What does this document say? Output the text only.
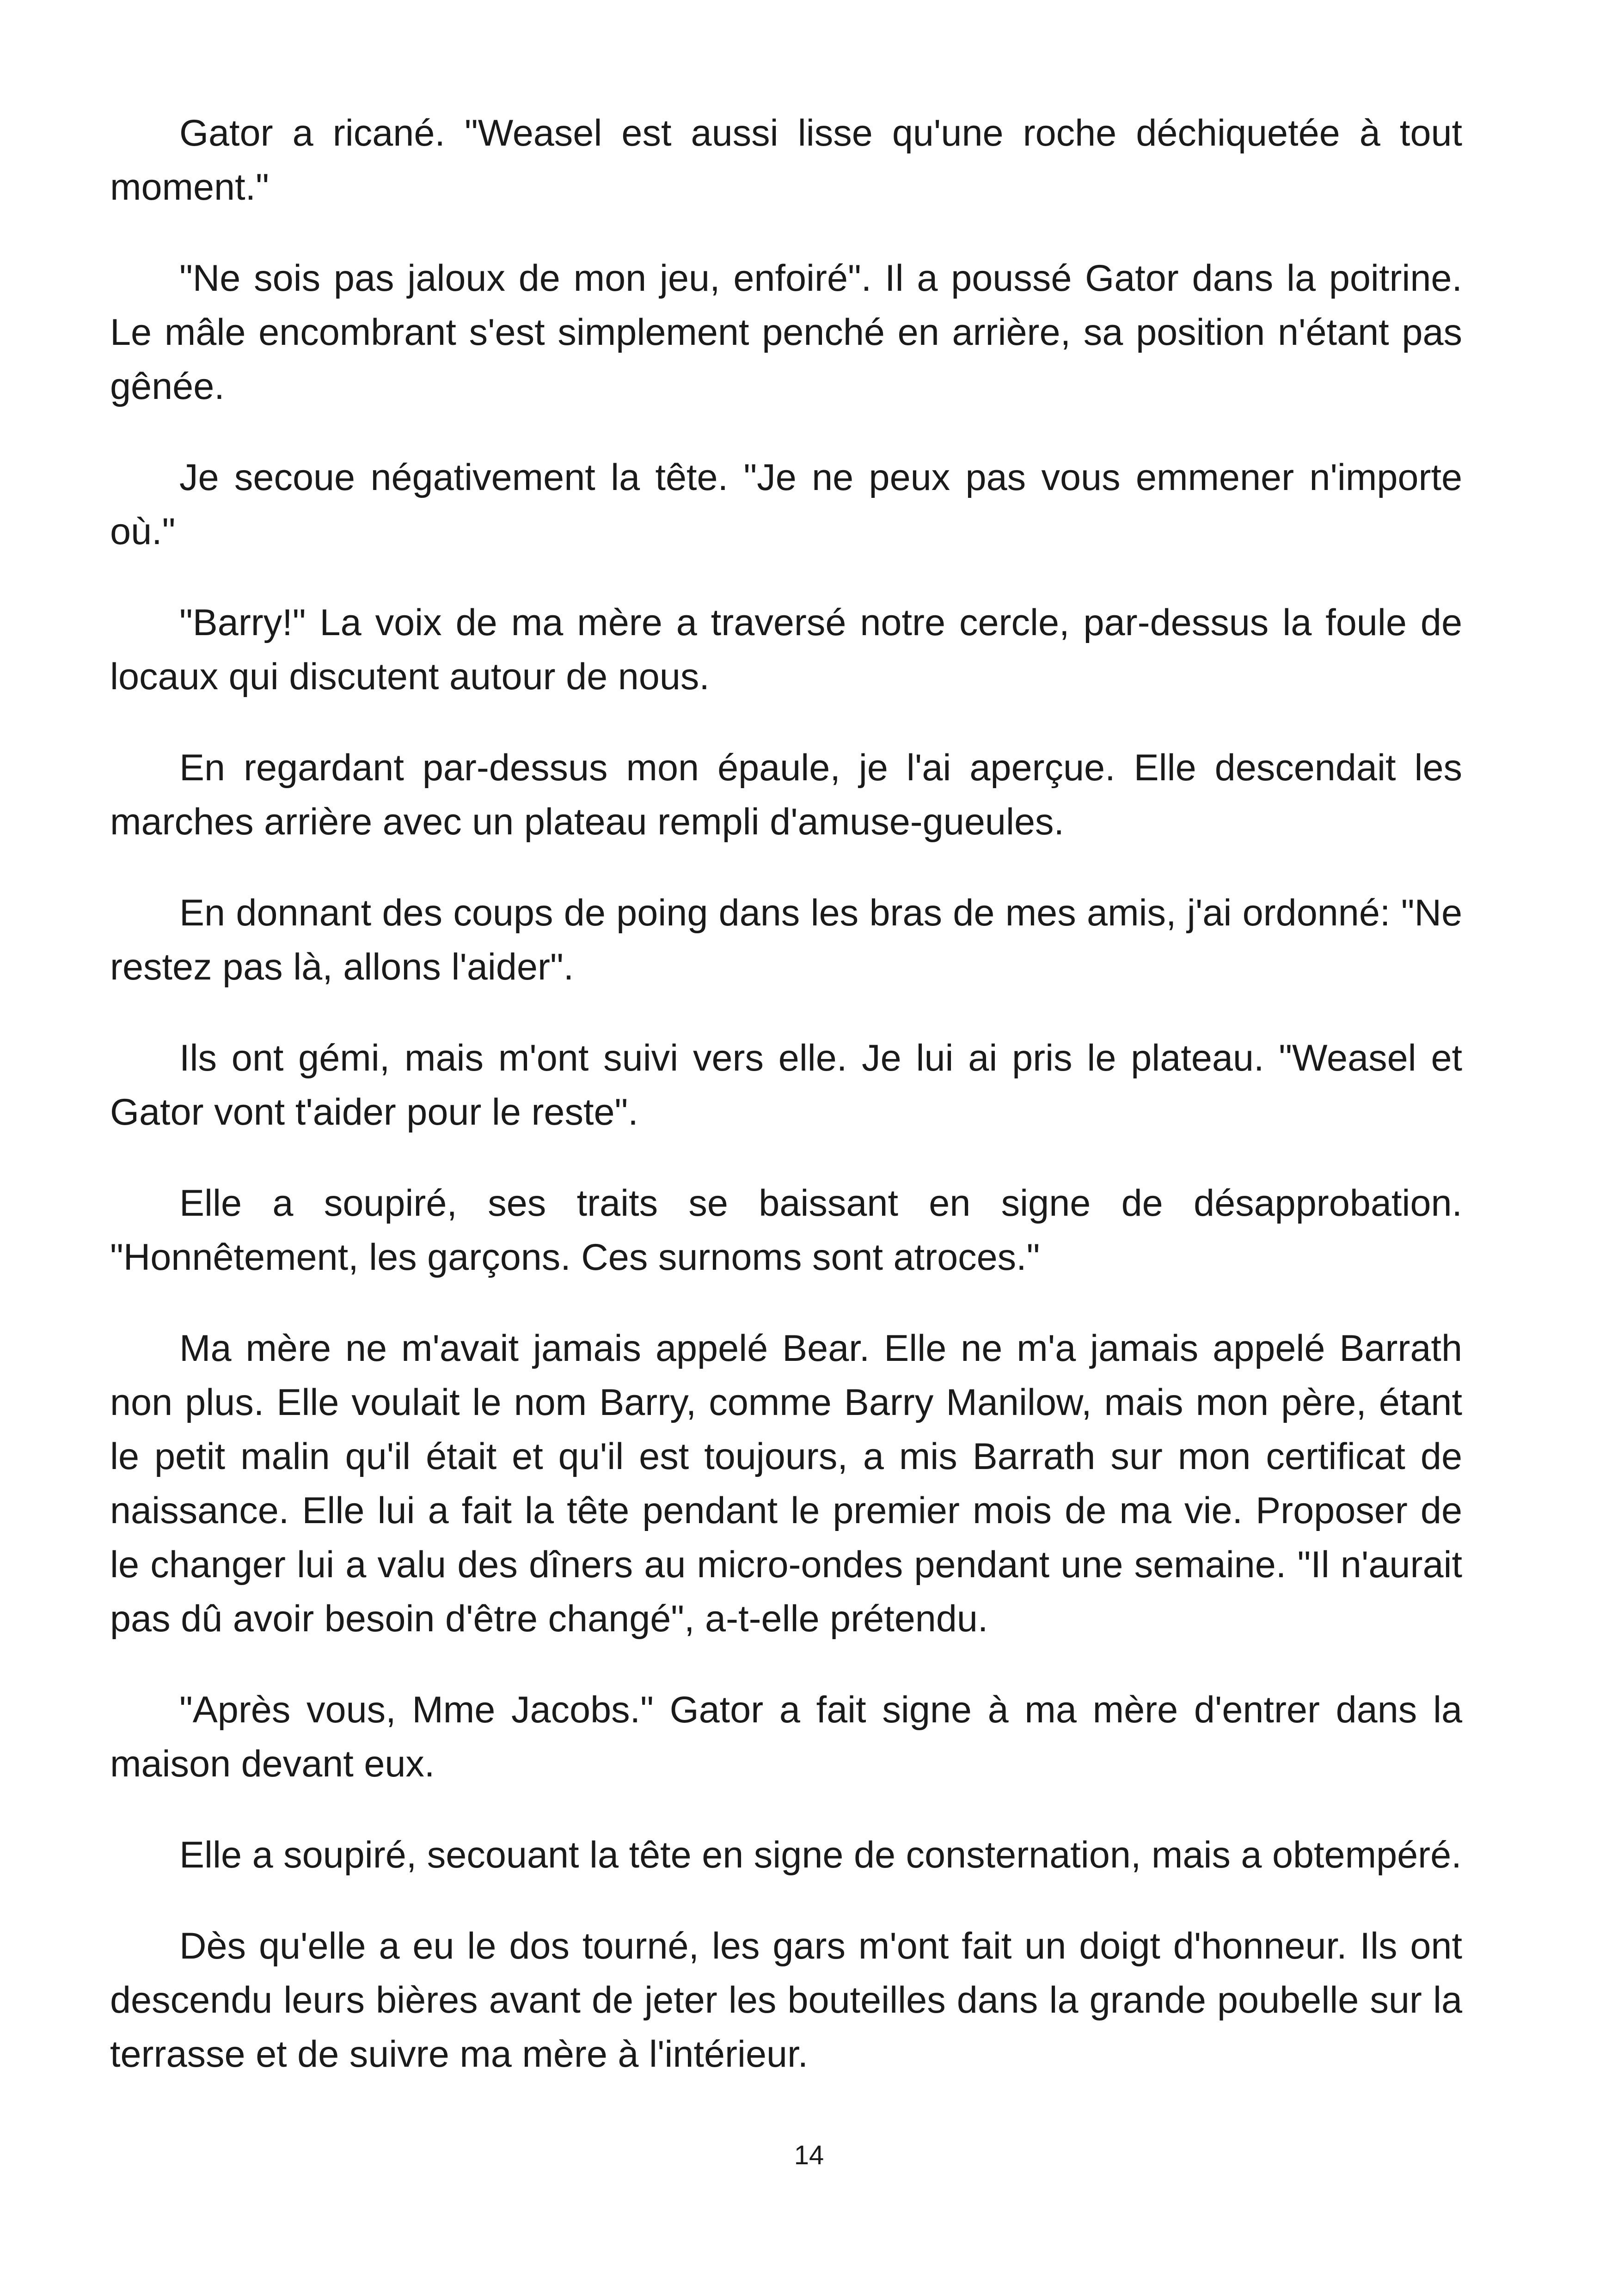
Gator a ricané. "Weasel est aussi lisse qu'une roche déchiquetée à tout moment."

"Ne sois pas jaloux de mon jeu, enfoiré". Il a poussé Gator dans la poitrine. Le mâle encombrant s'est simplement penché en arrière, sa position n'étant pas gênée.

Je secoue négativement la tête. "Je ne peux pas vous emmener n'importe où."

"Barry!" La voix de ma mère a traversé notre cercle, par-dessus la foule de locaux qui discutent autour de nous.

En regardant par-dessus mon épaule, je l'ai aperçue. Elle descendait les marches arrière avec un plateau rempli d'amuse-gueules.

En donnant des coups de poing dans les bras de mes amis, j'ai ordonné: "Ne restez pas là, allons l'aider".

Ils ont gémi, mais m'ont suivi vers elle. Je lui ai pris le plateau. "Weasel et Gator vont t'aider pour le reste".

Elle a soupiré, ses traits se baissant en signe de désapprobation. "Honnêtement, les garçons. Ces surnoms sont atroces."

Ma mère ne m'avait jamais appelé Bear. Elle ne m'a jamais appelé Barrath non plus. Elle voulait le nom Barry, comme Barry Manilow, mais mon père, étant le petit malin qu'il était et qu'il est toujours, a mis Barrath sur mon certificat de naissance. Elle lui a fait la tête pendant le premier mois de ma vie. Proposer de le changer lui a valu des dîners au micro-ondes pendant une semaine. "Il n'aurait pas dû avoir besoin d'être changé", a-t-elle prétendu.

"Après vous, Mme Jacobs." Gator a fait signe à ma mère d'entrer dans la maison devant eux.

Elle a soupiré, secouant la tête en signe de consternation, mais a obtempéré.

Dès qu'elle a eu le dos tourné, les gars m'ont fait un doigt d'honneur. Ils ont descendu leurs bières avant de jeter les bouteilles dans la grande poubelle sur la terrasse et de suivre ma mère à l'intérieur.

14
